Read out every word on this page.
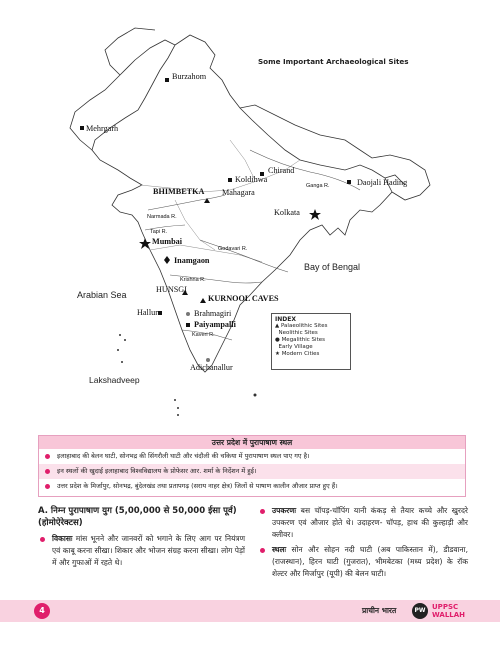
Some Important Archaeological Sites
Burzahom
Mehrgarh
Chirand
Daojali Hading
Koldihwa
Mahagara
BHIMBETKA
Kolkata
Mumbai
Inamgaon
HUNSGI
KURNOOL CAVES
Hallur	Brahmagiri
Paiyampalli
Adichanallur
Ganga R.
Narmada R.
Tapi R.
Godavari R.
Krishna R.
Kaveri R.
Bay of Bengal
Arabian Sea
Lakshadveep
INDEX
▲ Palaeolithic Sites
Neolithic Sites
● Megalithic Sites
Early Village
★ Modern Cities
उत्तर प्रदेश में पुरापाषाण स्थल
इलाहाबाद की बेलन घाटी, सोनभद्र की सिंगरौली घाटी और चंदौली की चकिया में पुरापाषाण स्थल पाए गए है।
इन स्थलों की खुदाई इलाहाबाद विश्वविद्यालय के प्रोफेसर आर. शर्मा के निर्देशन में हुई।
उत्तर प्रदेश के मिर्जापुर, सोनभद्र, बुंदेलखंड तथा प्रतापगढ़ (सराय नाहर क्षेत्र) जिलों से पाषाण कालीन औजार प्राप्त हुए हैं।
A. निम्न पुरापाषाण युग (5,00,000 से 50,000 ईसा पूर्व)
(होमोऐरेक्टस)
विकासः मांस भूनने और जानवरों को भगाने के लिए आग पर नियंत्रण एवं काबू करना सीखा। शिकार और भोजन संग्रह करना सीखा। लोग पेड़ों में और गुफाओं में रहते थे।
उपकरणः बस चॉपड़-चॉपिंग यानी कंकड़ से तैयार कच्चे और खुरदरे उपकरण एवं औजार होते थे। उदाहरण- चॉपड़, हाथ की कुल्हाड़ी और क्लीवर।
स्थलः सोन और सोहन नदी घाटी (अब पाकिस्तान में), डीडवाना, (राजस्थान), हिरन घाटी (गुजरात), भीमबेटका (मध्य प्रदेश) के रॉक शेल्टर और मिर्जापुर (यूपी) की बेलन घाटी।
4	प्राचीन भारत	PW UPPSC
WALLAH
